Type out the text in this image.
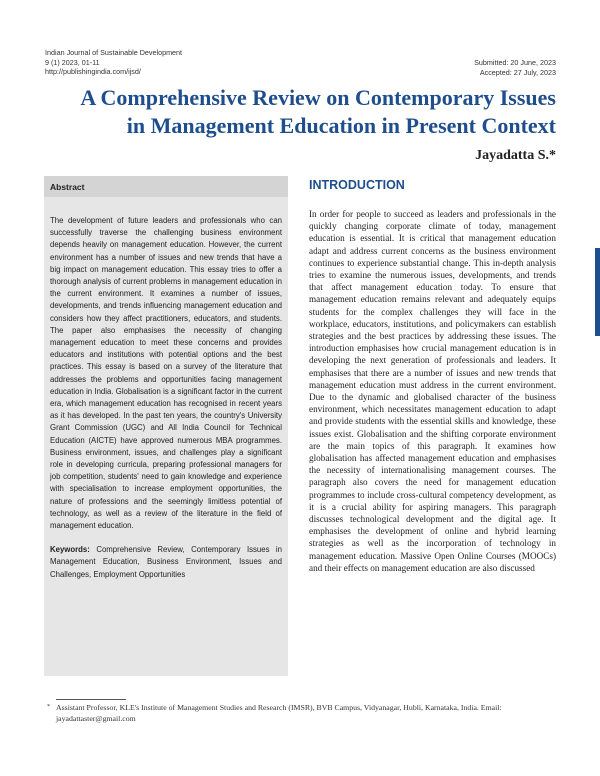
Indian Journal of Sustainable Development
9 (1) 2023, 01-11
http://publishingindia.com/ijsd/
Submitted: 20 June, 2023
Accepted: 27 July, 2023
A Comprehensive Review on Contemporary Issues
in Management Education in Present Context
Jayadatta S.*
Abstract
The development of future leaders and professionals who can successfully traverse the challenging business environment depends heavily on management education. However, the current environment has a number of issues and new trends that have a big impact on management education. This essay tries to offer a thorough analysis of current problems in management education in the current environment. It examines a number of issues, developments, and trends influencing management education and considers how they affect practitioners, educators, and students. The paper also emphasises the necessity of changing management education to meet these concerns and provides educators and institutions with potential options and the best practices. This essay is based on a survey of the literature that addresses the problems and opportunities facing management education in India. Globalisation is a significant factor in the current era, which management education has recognised in recent years as it has developed. In the past ten years, the country's University Grant Commission (UGC) and All India Council for Technical Education (AICTE) have approved numerous MBA programmes. Business environment, issues, and challenges play a significant role in developing curricula, preparing professional managers for job competition, students' need to gain knowledge and experience with specialisation to increase employment opportunities, the nature of professions and the seemingly limitless potential of technology, as well as a review of the literature in the field of management education.
Keywords: Comprehensive Review, Contemporary Issues in Management Education, Business Environment, Issues and Challenges, Employment Opportunities
INTRODUCTION
In order for people to succeed as leaders and professionals in the quickly changing corporate climate of today, management education is essential. It is critical that management education adapt and address current concerns as the business environment continues to experience substantial change. This in-depth analysis tries to examine the numerous issues, developments, and trends that affect management education today. To ensure that management education remains relevant and adequately equips students for the complex challenges they will face in the workplace, educators, institutions, and policymakers can establish strategies and the best practices by addressing these issues. The introduction emphasises how crucial management education is in developing the next generation of professionals and leaders. It emphasises that there are a number of issues and new trends that management education must address in the current environment. Due to the dynamic and globalised character of the business environment, which necessitates management education to adapt and provide students with the essential skills and knowledge, these issues exist. Globalisation and the shifting corporate environment are the main topics of this paragraph. It examines how globalisation has affected management education and emphasises the necessity of internationalising management courses. The paragraph also covers the need for management education programmes to include cross-cultural competency development, as it is a crucial ability for aspiring managers. This paragraph discusses technological development and the digital age. It emphasises the development of online and hybrid learning strategies as well as the incorporation of technology in management education. Massive Open Online Courses (MOOCs) and their effects on management education are also discussed
* Assistant Professor, KLE's Institute of Management Studies and Research (IMSR), BVB Campus, Vidyanagar, Hubli, Karnataka, India. Email: jayadattaster@gmail.com
